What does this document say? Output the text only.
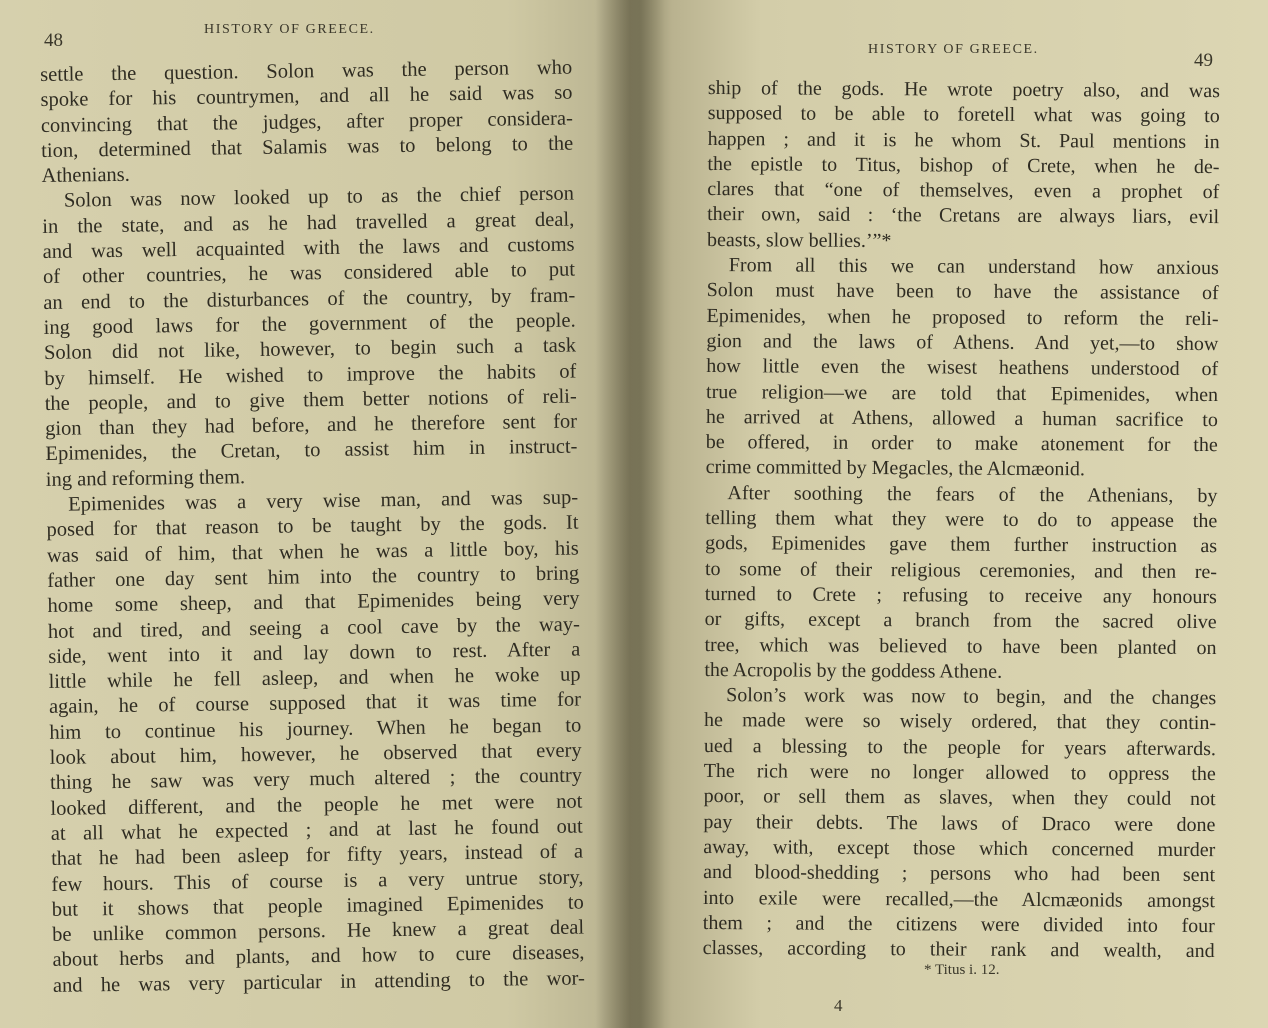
48
HISTORY OF GREECE.
settle the question. Solon was the person who
spoke for his countrymen, and all he said was so
convincing that the judges, after proper considera-
tion, determined that Salamis was to belong to the
Athenians.
Solon was now looked up to as the chief person
in the state, and as he had travelled a great deal,
and was well acquainted with the laws and customs
of other countries, he was considered able to put
an end to the disturbances of the country, by fram-
ing good laws for the government of the people.
Solon did not like, however, to begin such a task
by himself. He wished to improve the habits of
the people, and to give them better notions of reli-
gion than they had before, and he therefore sent for
Epimenides, the Cretan, to assist him in instruct-
ing and reforming them.
Epimenides was a very wise man, and was sup-
posed for that reason to be taught by the gods. It
was said of him, that when he was a little boy, his
father one day sent him into the country to bring
home some sheep, and that Epimenides being very
hot and tired, and seeing a cool cave by the way-
side, went into it and lay down to rest. After a
little while he fell asleep, and when he woke up
again, he of course supposed that it was time for
him to continue his journey. When he began to
look about him, however, he observed that every
thing he saw was very much altered ; the country
looked different, and the people he met were not
at all what he expected ; and at last he found out
that he had been asleep for fifty years, instead of a
few hours. This of course is a very untrue story,
but it shows that people imagined Epimenides to
be unlike common persons. He knew a great deal
about herbs and plants, and how to cure diseases,
and he was very particular in attending to the wor-
HISTORY OF GREECE.
49
ship of the gods. He wrote poetry also, and was
supposed to be able to foretell what was going to
happen ; and it is he whom St. Paul mentions in
the epistle to Titus, bishop of Crete, when he de-
clares that “one of themselves, even a prophet of
their own, said : ‘the Cretans are always liars, evil
beasts, slow bellies.’”*
From all this we can understand how anxious
Solon must have been to have the assistance of
Epimenides, when he proposed to reform the reli-
gion and the laws of Athens. And yet,—to show
how little even the wisest heathens understood of
true religion—we are told that Epimenides, when
he arrived at Athens, allowed a human sacrifice to
be offered, in order to make atonement for the
crime committed by Megacles, the Alcmæonid.
After soothing the fears of the Athenians, by
telling them what they were to do to appease the
gods, Epimenides gave them further instruction as
to some of their religious ceremonies, and then re-
turned to Crete ; refusing to receive any honours
or gifts, except a branch from the sacred olive
tree, which was believed to have been planted on
the Acropolis by the goddess Athene.
Solon’s work was now to begin, and the changes
he made were so wisely ordered, that they contin-
ued a blessing to the people for years afterwards.
The rich were no longer allowed to oppress the
poor, or sell them as slaves, when they could not
pay their debts. The laws of Draco were done
away, with, except those which concerned murder
and blood-shedding ; persons who had been sent
into exile were recalled,—the Alcmæonids amongst
them ; and the citizens were divided into four
classes, according to their rank and wealth, and
* Titus i. 12.
4
